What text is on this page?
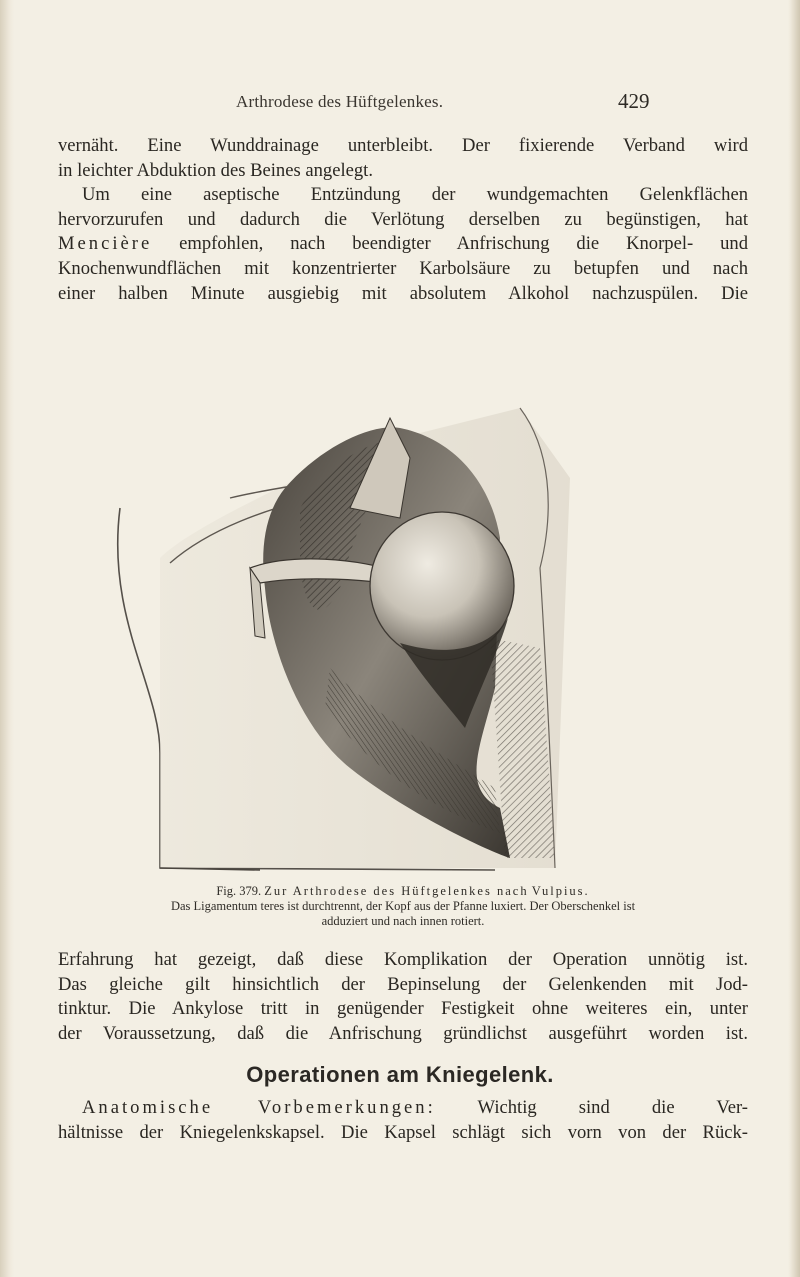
Arthrodese des Hüftgelenkes.	429

vernäht. Eine Wunddrainage unterbleibt. Der fixierende Verband wird

in leichter Abduktion des Beines angelegt.

Um eine aseptische Entzündung der wundgemachten Gelenkflächen

hervorzurufen und dadurch die Verlötung derselben zu begünstigen, hat

Mencière empfohlen, nach beendigter Anfrischung die Knorpel- und

Knochenwundflächen mit konzentrierter Karbolsäure zu betupfen und nach

einer halben Minute ausgiebig mit absolutem Alkohol nachzuspülen. Die

Fig. 379. Zur Arthrodese des Hüftgelenkes nach Vulpius.
Das Ligamentum teres ist durchtrennt, der Kopf aus der Pfanne luxiert. Der Oberschenkel ist
adduziert und nach innen rotiert.

Erfahrung hat gezeigt, daß diese Komplikation der Operation unnötig ist.

Das gleiche gilt hinsichtlich der Bepinselung der Gelenkenden mit Jod-

tinktur. Die Ankylose tritt in genügender Festigkeit ohne weiteres ein, unter

der Voraussetzung, daß die Anfrischung gründlichst ausgeführt worden ist.

Operationen am Kniegelenk.

Anatomische Vorbemerkungen: Wichtig sind die Ver-

hältnisse der Kniegelenkskapsel. Die Kapsel schlägt sich vorn von der Rück-
